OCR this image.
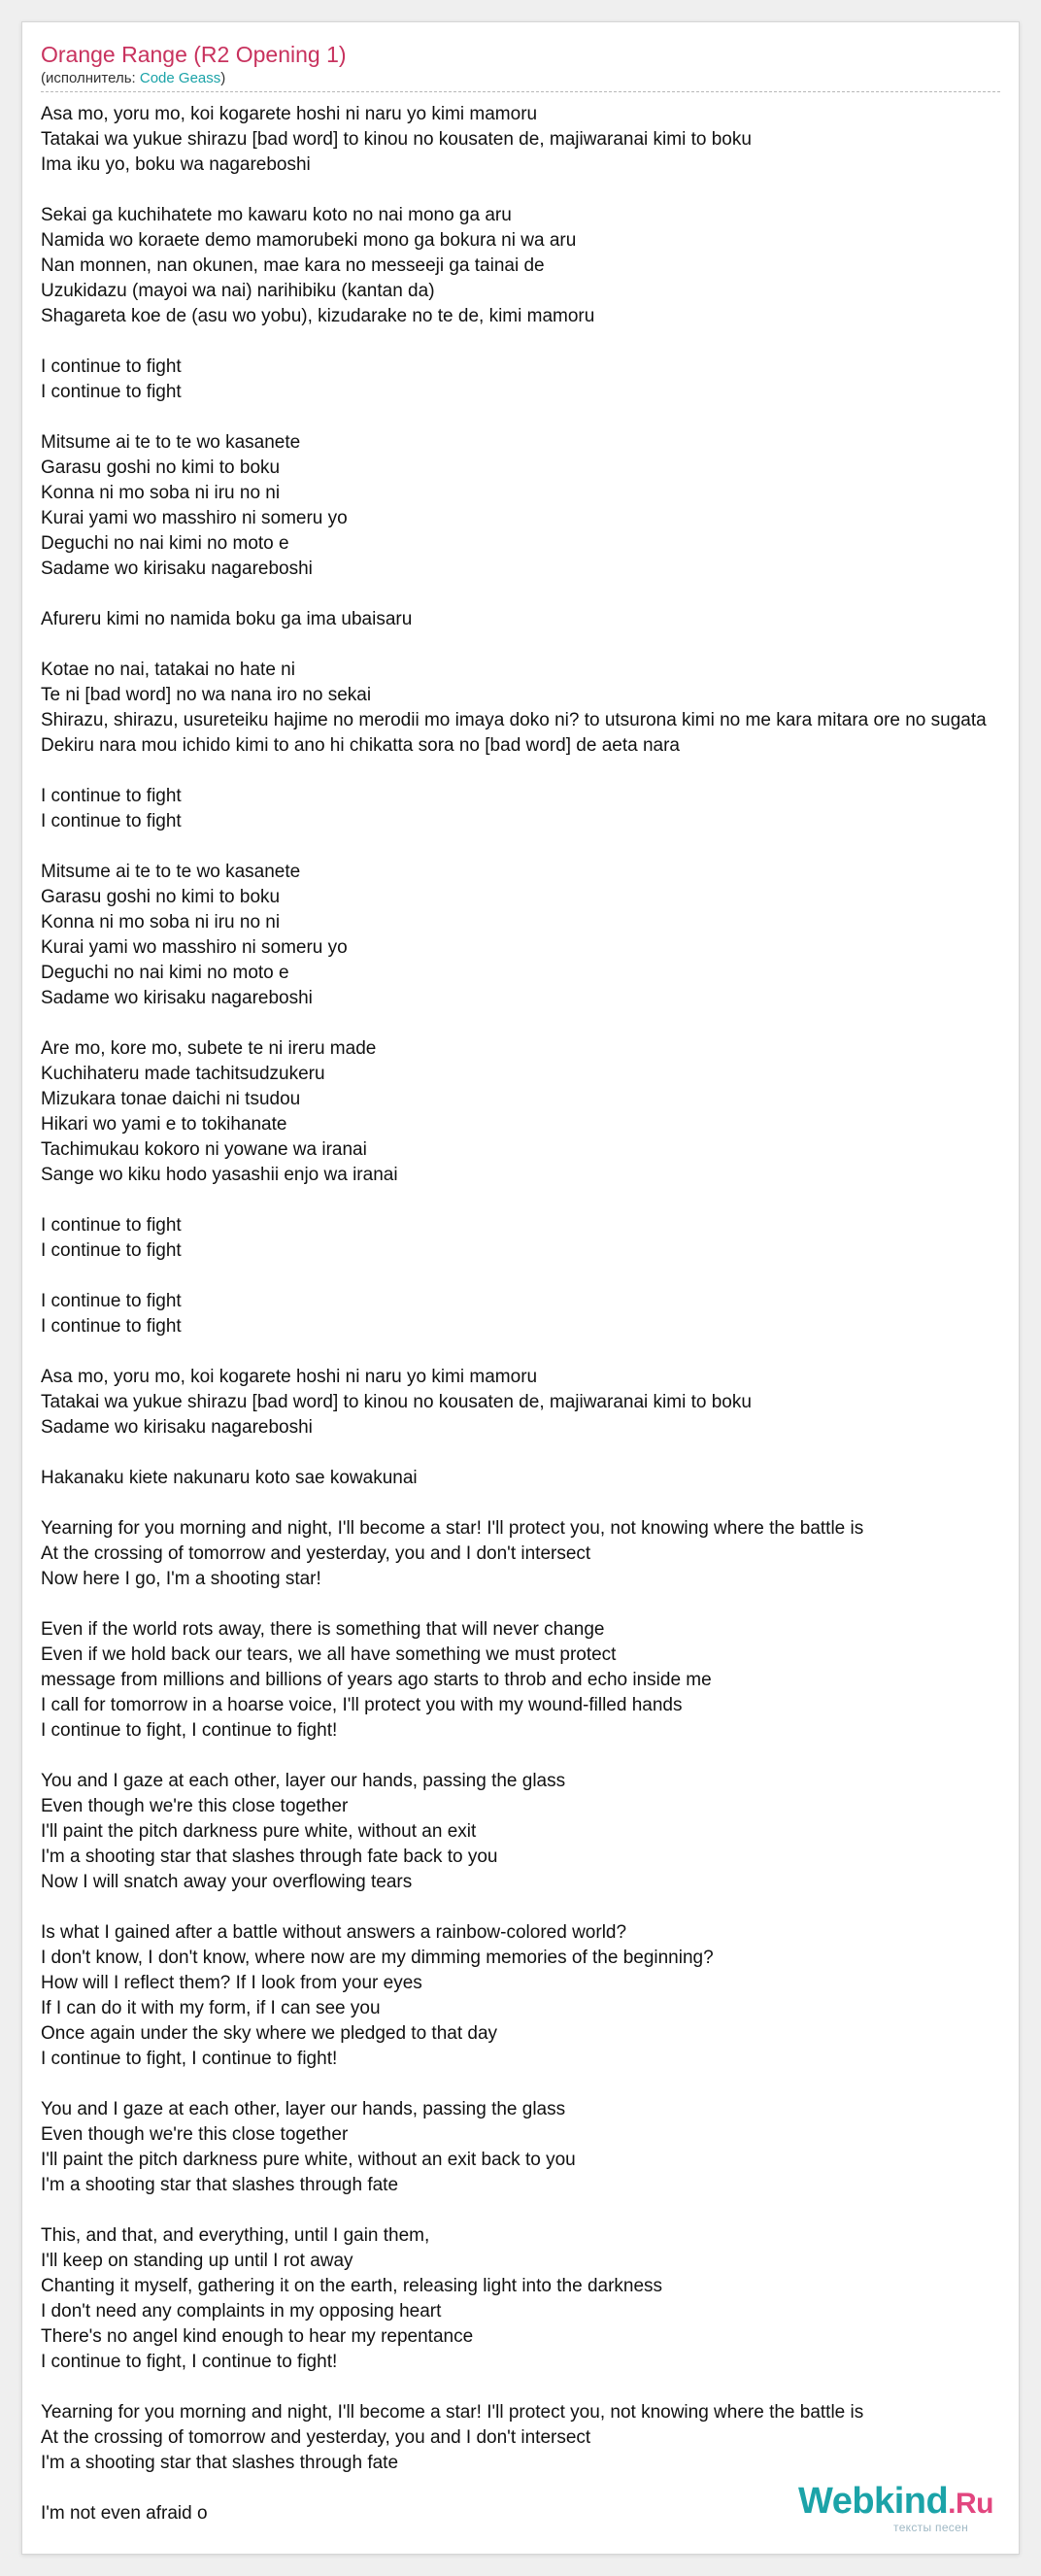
Orange Range (R2 Opening 1)
(исполнитель: Code Geass)
Asa mo, yoru mo, koi kogarete hoshi ni naru yo kimi mamoru
Tatakai wa yukue shirazu [bad word] to kinou no kousaten de, majiwaranai kimi to boku
Ima iku yo, boku wa nagareboshi
Sekai ga kuchihatete mo kawaru koto no nai mono ga aru
Namida wo koraete demo mamorubeki mono ga bokura ni wa aru
Nan monnen, nan okunen, mae kara no messeeji ga tainai de
Uzukidazu (mayoi wa nai) narihibiku (kantan da)
Shagareta koe de (asu wo yobu), kizudarake no te de, kimi mamoru
I continue to fight
I continue to fight
Mitsume ai te to te wo kasanete
Garasu goshi no kimi to boku
Konna ni mo soba ni iru no ni
Kurai yami wo masshiro ni someru yo
Deguchi no nai kimi no moto e
Sadame wo kirisaku nagareboshi
Afureru kimi no namida boku ga ima ubaisaru
Kotae no nai, tatakai no hate ni
Te ni [bad word] no wa nana iro no sekai
Shirazu, shirazu, usureteiku hajime no merodii mo imaya doko ni? to utsurona kimi no me kara mitara ore no sugata
Dekiru nara mou ichido kimi to ano hi chikatta sora no [bad word] de aeta nara
I continue to fight
I continue to fight
Mitsume ai te to te wo kasanete
Garasu goshi no kimi to boku
Konna ni mo soba ni iru no ni
Kurai yami wo masshiro ni someru yo
Deguchi no nai kimi no moto e
Sadame wo kirisaku nagareboshi
Are mo, kore mo, subete te ni ireru made
Kuchihateru made tachitsudzukeru
Mizukara tonae daichi ni tsudou
Hikari wo yami e to tokihanate
Tachimukau kokoro ni yowane wa iranai
Sange wo kiku hodo yasashii enjo wa iranai
I continue to fight
I continue to fight
I continue to fight
I continue to fight
Asa mo, yoru mo, koi kogarete hoshi ni naru yo kimi mamoru
Tatakai wa yukue shirazu [bad word] to kinou no kousaten de, majiwaranai kimi to boku
Sadame wo kirisaku nagareboshi
Hakanaku kiete nakunaru koto sae kowakunai
Yearning for you morning and night, I'll become a star! I'll protect you, not knowing where the battle is
At the crossing of tomorrow and yesterday, you and I don't intersect
Now here I go, I'm a shooting star!
Even if the world rots away, there is something that will never change
Even if we hold back our tears, we all have something we must protect
message from millions and billions of years ago starts to throb and echo inside me
I call for tomorrow in a hoarse voice, I'll protect you with my wound-filled hands
I continue to fight, I continue to fight!
You and I gaze at each other, layer our hands, passing the glass
Even though we're this close together
I'll paint the pitch darkness pure white, without an exit
I'm a shooting star that slashes through fate back to you
Now I will snatch away your overflowing tears
Is what I gained after a battle without answers a rainbow-colored world?
I don't know, I don't know, where now are my dimming memories of the beginning?
How will I reflect them? If I look from your eyes
If I can do it with my form, if I can see you
Once again under the sky where we pledged to that day
I continue to fight, I continue to fight!
You and I gaze at each other, layer our hands, passing the glass
Even though we're this close together
I'll paint the pitch darkness pure white, without an exit back to you
I'm a shooting star that slashes through fate
This, and that, and everything, until I gain them,
I'll keep on standing up until I rot away
Chanting it myself, gathering it on the earth, releasing light into the darkness
I don't need any complaints in my opposing heart
There's no angel kind enough to hear my repentance
I continue to fight, I continue to fight!
Yearning for you morning and night, I'll become a star! I'll protect you, not knowing where the battle is
At the crossing of tomorrow and yesterday, you and I don't intersect
I'm a shooting star that slashes through fate
I'm not even afraid o	Webkind.Ru
тексты песен
